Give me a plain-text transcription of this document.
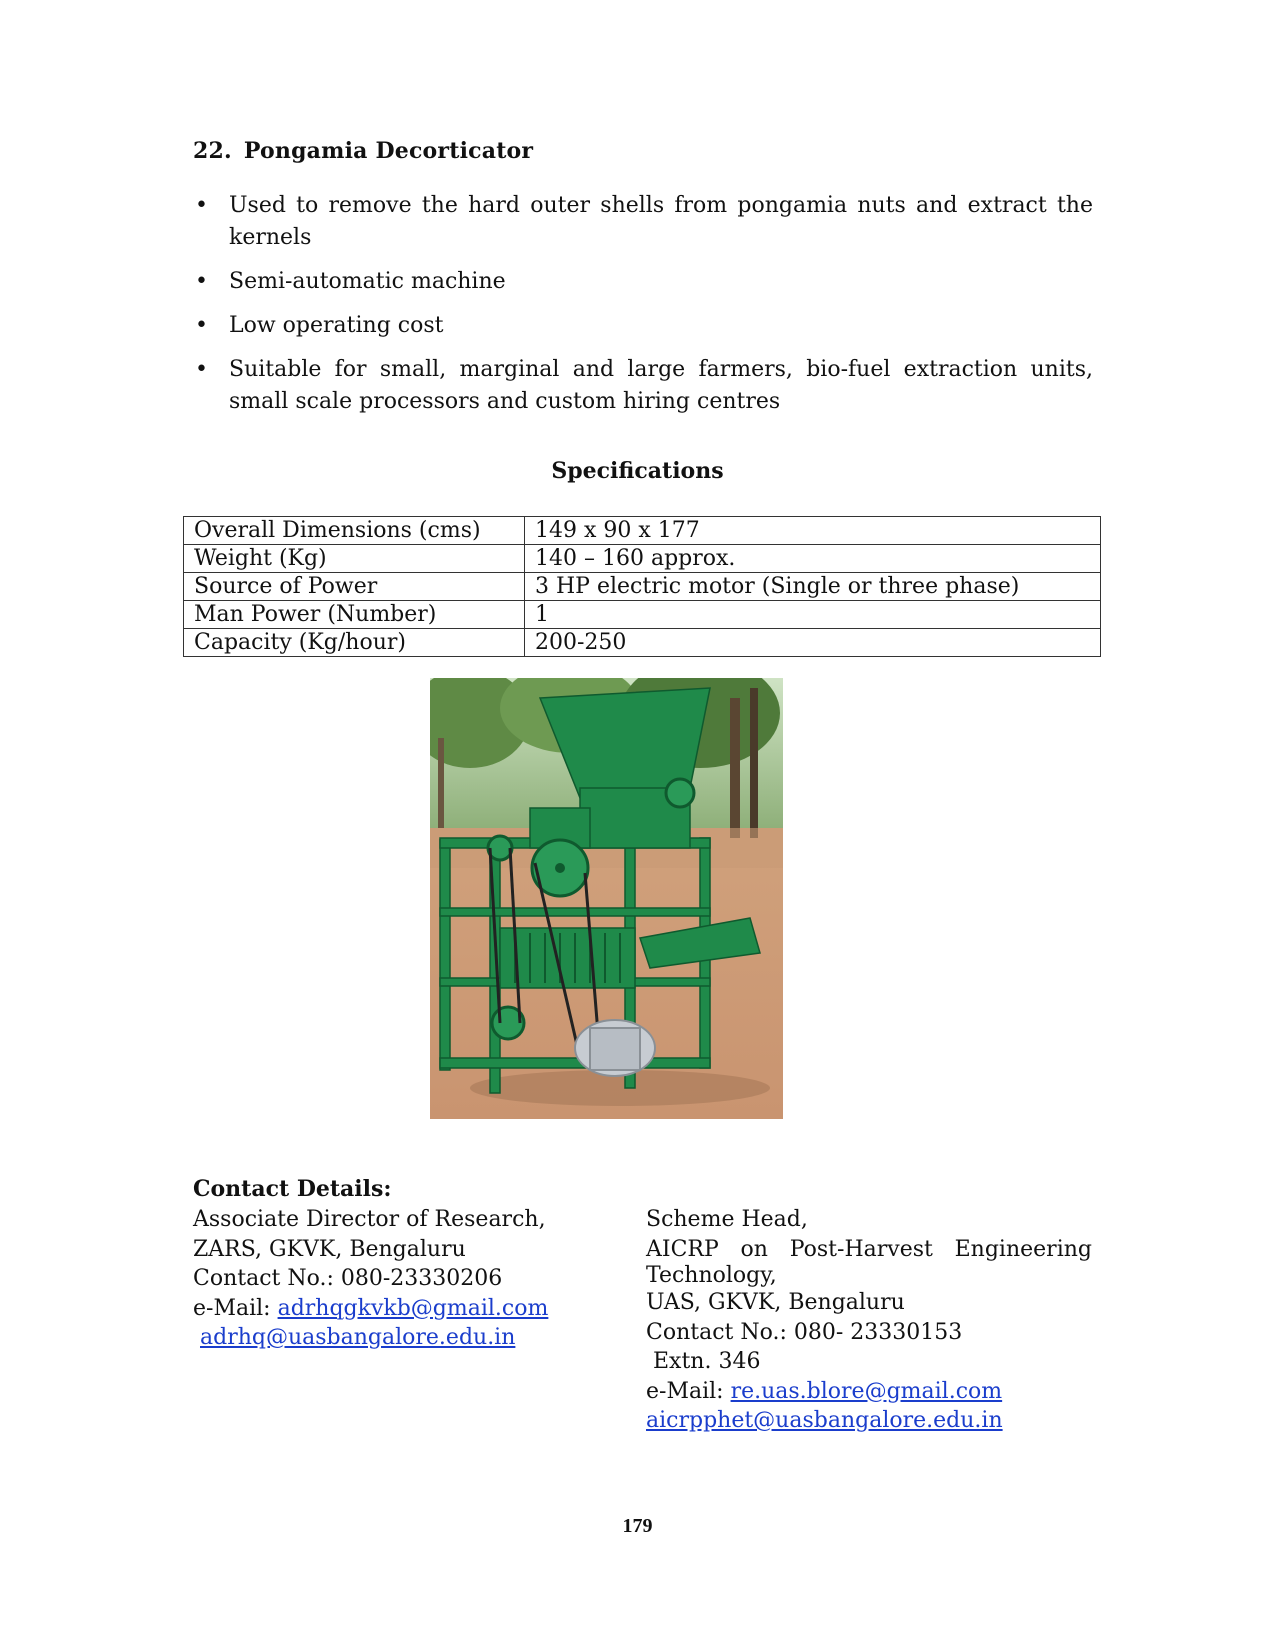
22. Pongamia Decorticator
• Used to remove the hard outer shells from pongamia nuts and extract the kernels
• Semi-automatic machine
• Low operating cost
• Suitable for small, marginal and large farmers, bio-fuel extraction units, small scale processors and custom hiring centres
Specifications
Overall Dimensions (cms)	149 x 90 x 177
Weight (Kg)	140 – 160 approx.
Source of Power	3 HP electric motor (Single or three phase)
Man Power (Number)	1
Capacity (Kg/hour)	200-250
Contact Details:
Associate Director of Research,
ZARS, GKVK, Bengaluru
Contact No.: 080-23330206
e-Mail: adrhqgkvkb@gmail.com
adrhq@uasbangalore.edu.in
Scheme Head,
AICRP on Post-Harvest Engineering
Technology,
UAS, GKVK, Bengaluru
Contact No.: 080- 23330153
Extn. 346
e-Mail: re.uas.blore@gmail.com
aicrpphet@uasbangalore.edu.in
179
